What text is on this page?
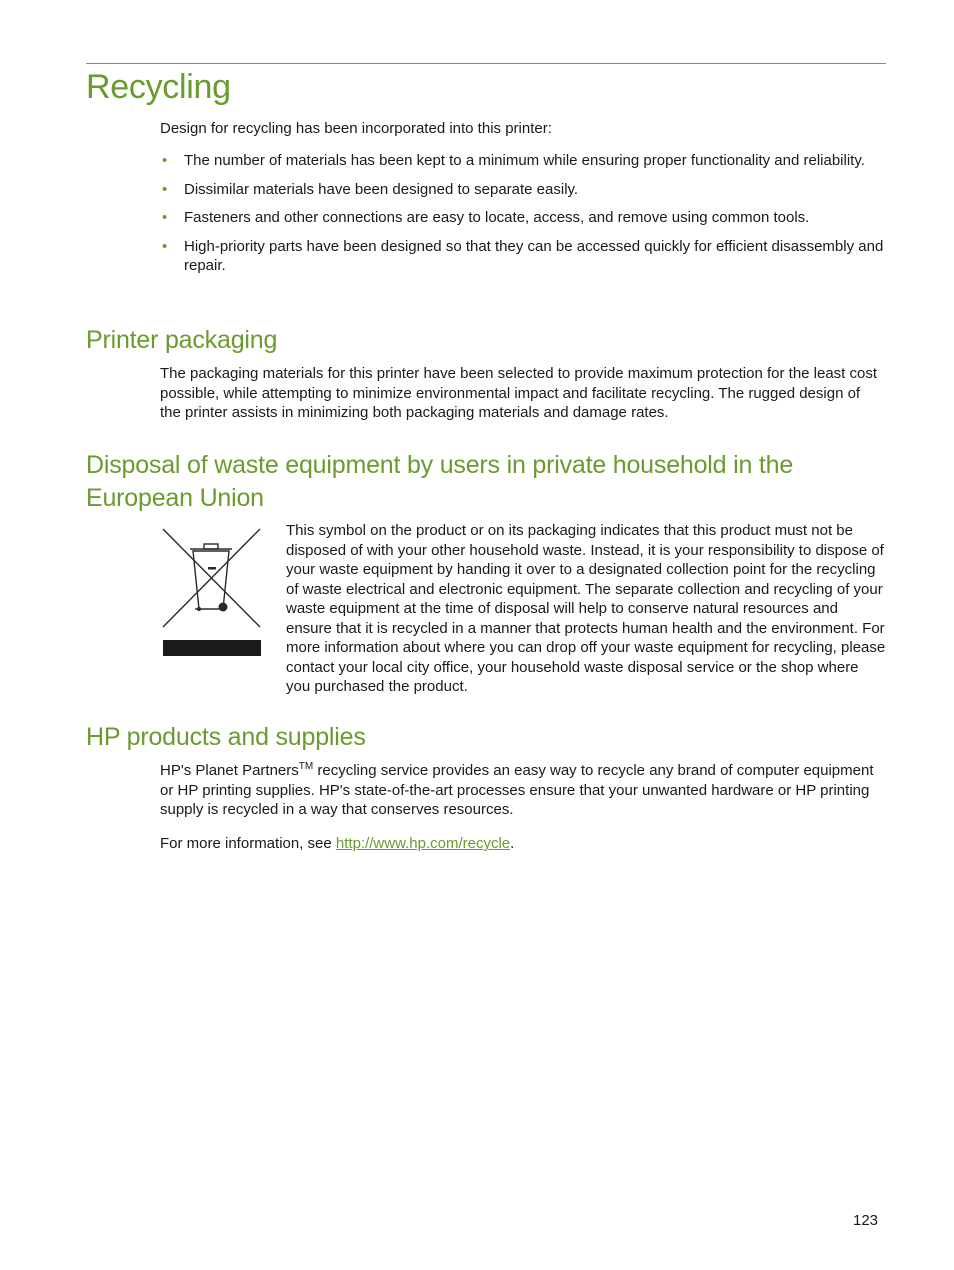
Recycling

Design for recycling has been incorporated into this printer:

• The number of materials has been kept to a minimum while ensuring proper functionality and reliability.
• Dissimilar materials have been designed to separate easily.
• Fasteners and other connections are easy to locate, access, and remove using common tools.
• High-priority parts have been designed so that they can be accessed quickly for efficient disassembly and repair.
Printer packaging

The packaging materials for this printer have been selected to provide maximum protection for the least cost possible, while attempting to minimize environmental impact and facilitate recycling. The rugged design of the printer assists in minimizing both packaging materials and damage rates.

Disposal of waste equipment by users in private household in the European Union

This symbol on the product or on its packaging indicates that this product must not be disposed of with your other household waste. Instead, it is your responsibility to dispose of your waste equipment by handing it over to a designated collection point for the recycling of waste electrical and electronic equipment. The separate collection and recycling of your waste equipment at the time of disposal will help to conserve natural resources and ensure that it is recycled in a manner that protects human health and the environment. For more information about where you can drop off your waste equipment for recycling, please contact your local city office, your household waste disposal service or the shop where you purchased the product.

HP products and supplies

HP's Planet Partners™ recycling service provides an easy way to recycle any brand of computer equipment or HP printing supplies. HP's state-of-the-art processes ensure that your unwanted hardware or HP printing supply is recycled in a way that conserves resources.

For more information, see http://www.hp.com/recycle.

123
